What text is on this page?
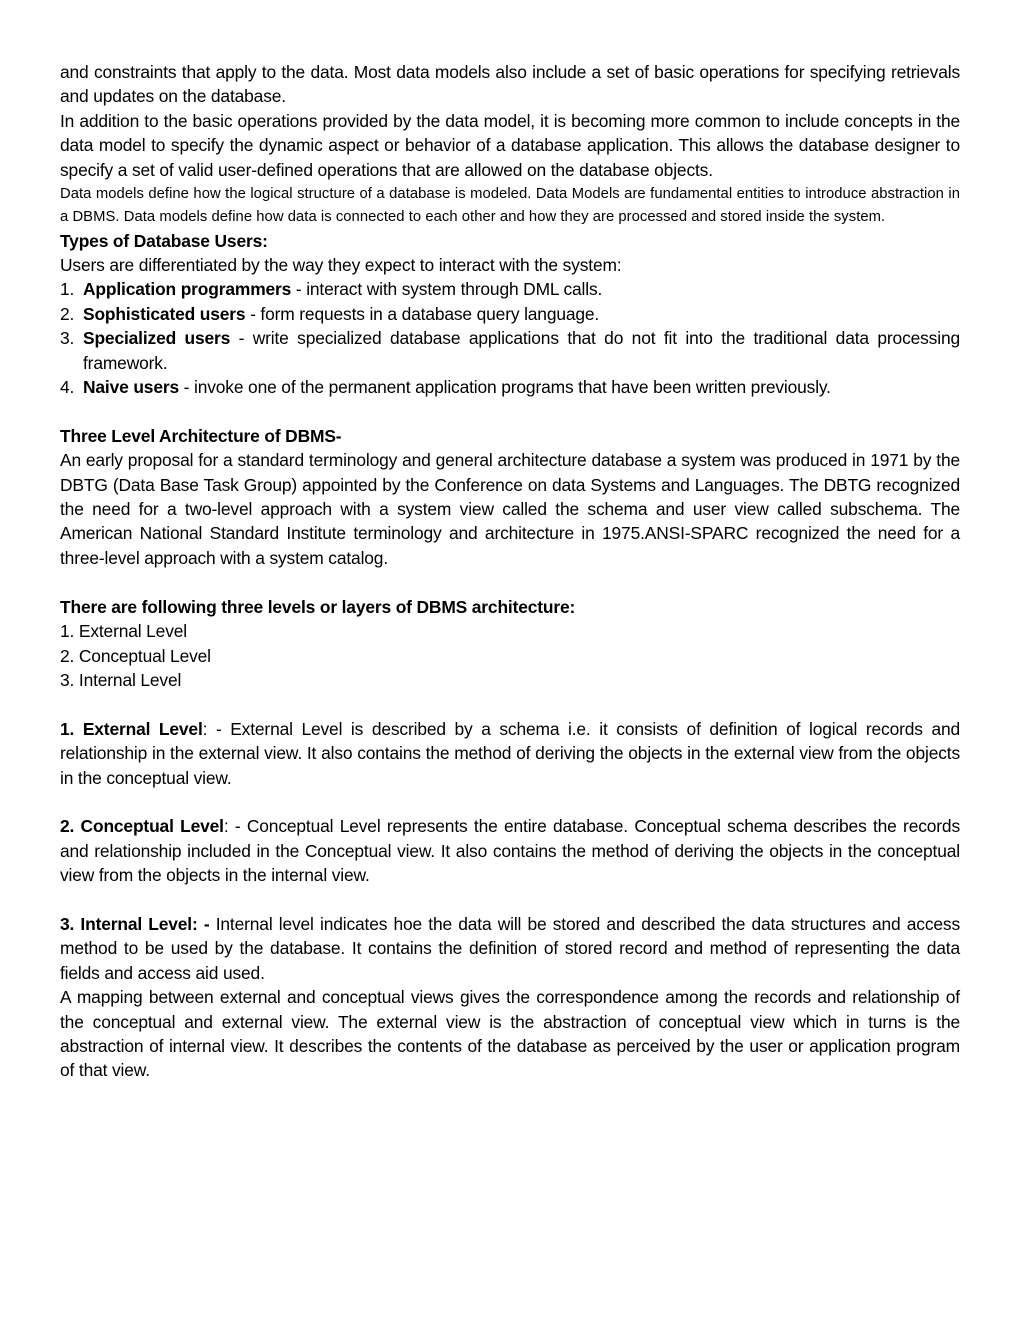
and constraints that apply to the data. Most data models also include a set of basic operations for specifying retrievals and updates on the database.

In addition to the basic operations provided by the data model, it is becoming more common to include concepts in the data model to specify the dynamic aspect or behavior of a database application. This allows the database designer to specify a set of valid user-defined operations that are allowed on the database objects.

Data models define how the logical structure of a database is modeled. Data Models are fundamental entities to introduce abstraction in a DBMS. Data models define how data is connected to each other and how they are processed and stored inside the system.

Types of Database Users:

Users are differentiated by the way they expect to interact with the system:

1. Application programmers - interact with system through DML calls.
2. Sophisticated users - form requests in a database query language.
3. Specialized users - write specialized database applications that do not fit into the traditional data processing framework.
4. Naive users - invoke one of the permanent application programs that have been written previously.

Three Level Architecture of DBMS-

An early proposal for a standard terminology and general architecture database a system was produced in 1971 by the DBTG (Data Base Task Group) appointed by the Conference on data Systems and Languages. The DBTG recognized the need for a two-level approach with a system view called the schema and user view called subschema. The American National Standard Institute terminology and architecture in 1975.ANSI-SPARC recognized the need for a three-level approach with a system catalog.

There are following three levels or layers of DBMS architecture:

1. External Level
2. Conceptual Level
3. Internal Level

1. External Level: - External Level is described by a schema i.e. it consists of definition of logical records and relationship in the external view. It also contains the method of deriving the objects in the external view from the objects in the conceptual view.

2. Conceptual Level: - Conceptual Level represents the entire database. Conceptual schema describes the records and relationship included in the Conceptual view. It also contains the method of deriving the objects in the conceptual view from the objects in the internal view.

3. Internal Level: - Internal level indicates hoe the data will be stored and described the data structures and access method to be used by the database. It contains the definition of stored record and method of representing the data fields and access aid used.

A mapping between external and conceptual views gives the correspondence among the records and relationship of the conceptual and external view. The external view is the abstraction of conceptual view which in turns is the abstraction of internal view. It describes the contents of the database as perceived by the user or application program of that view.
